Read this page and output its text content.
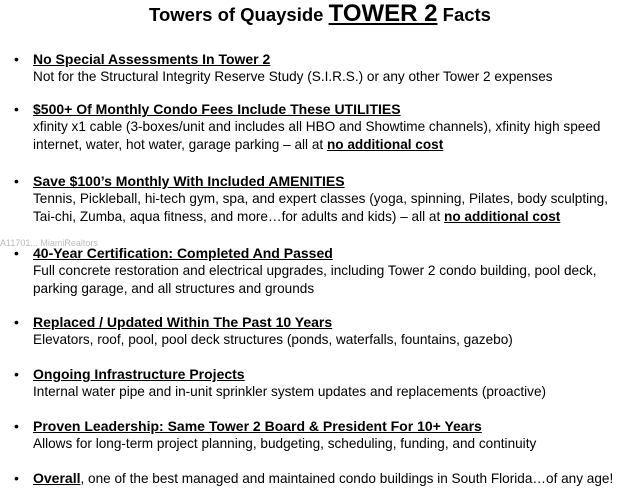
Towers of Quayside TOWER 2 Facts
A11701... MiamiRealtors
• No Special Assessments In Tower 2
Not for the Structural Integrity Reserve Study (S.I.R.S.) or any other Tower 2 expenses
• $500+ Of Monthly Condo Fees Include These UTILITIES
xfinity x1 cable (3-boxes/unit and includes all HBO and Showtime channels), xfinity high speed
internet, water, hot water, garage parking – all at no additional cost
• Save $100’s Monthly With Included AMENITIES
Tennis, Pickleball, hi-tech gym, spa, and expert classes (yoga, spinning, Pilates, body sculpting,
Tai-chi, Zumba, aqua fitness, and more…for adults and kids) – all at no additional cost
• 40-Year Certification: Completed And Passed
Full concrete restoration and electrical upgrades, including Tower 2 condo building, pool deck,
parking garage, and all structures and grounds
• Replaced / Updated Within The Past 10 Years
Elevators, roof, pool, pool deck structures (ponds, waterfalls, fountains, gazebo)
• Ongoing Infrastructure Projects
Internal water pipe and in-unit sprinkler system updates and replacements (proactive)
• Proven Leadership: Same Tower 2 Board & President For 10+ Years
Allows for long-term project planning, budgeting, scheduling, funding, and continuity
• Overall, one of the best managed and maintained condo buildings in South Florida…of any age!
